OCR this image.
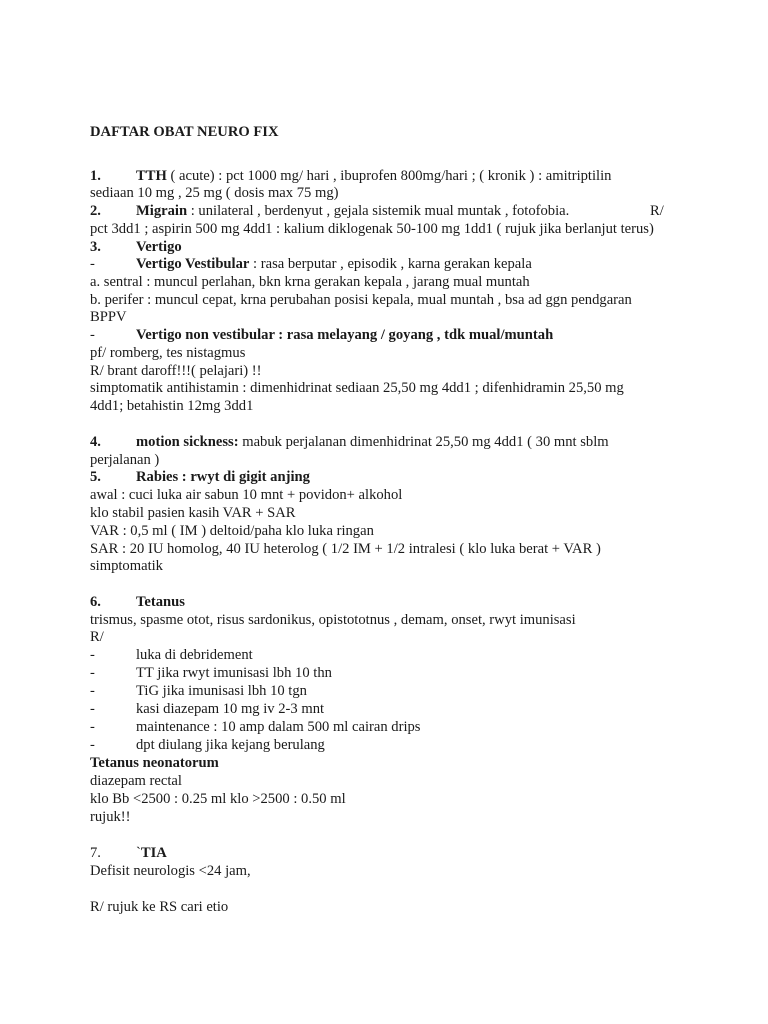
DAFTAR OBAT NEURO FIX
1. TTH ( acute) : pct 1000 mg/ hari , ibuprofen 800mg/hari ; ( kronik ) : amitriptilin
sediaan 10 mg , 25 mg ( dosis max 75 mg)
2. Migrain : unilateral , berdenyut , gejala sistemik mual muntak , fotofobia.	R/
pct 3dd1 ; aspirin 500 mg 4dd1 : kalium diklogenak 50-100 mg 1dd1 ( rujuk jika berlanjut terus)
3. Vertigo
-	Vertigo Vestibular : rasa berputar , episodik , karna gerakan kepala
a. sentral : muncul perlahan, bkn krna gerakan kepala , jarang mual muntah
b. perifer : muncul cepat, krna perubahan posisi kepala, mual muntah , bsa ad ggn pendgaran
BPPV
-	Vertigo non vestibular : rasa melayang / goyang , tdk mual/muntah
pf/ romberg, tes nistagmus
R/ brant daroff!!!( pelajari) !!
simptomatik antihistamin : dimenhidrinat sediaan 25,50 mg 4dd1 ; difenhidramin 25,50 mg
4dd1; betahistin 12mg 3dd1
4. motion sickness: mabuk perjalanan dimenhidrinat 25,50 mg 4dd1 ( 30 mnt sblm
perjalanan )
5. Rabies : rwyt di gigit anjing
awal : cuci luka air sabun 10 mnt + povidon+ alkohol
klo stabil pasien kasih VAR + SAR
VAR : 0,5 ml ( IM ) deltoid/paha klo luka ringan
SAR : 20 IU homolog, 40 IU heterolog ( 1/2 IM + 1/2 intralesi ( klo luka berat + VAR )
simptomatik
6. Tetanus
trismus, spasme otot, risus sardonikus, opistototnus , demam, onset, rwyt imunisasi
R/
-	luka di debridement
-	TT jika rwyt imunisasi lbh 10 thn
-	TiG jika imunisasi lbh 10 tgn
-	kasi diazepam 10 mg iv 2-3 mnt
-	maintenance : 10 amp dalam 500 ml cairan drips
-	dpt diulang jika kejang berulang
Tetanus neonatorum
diazepam rectal
klo Bb <2500 : 0.25 ml klo >2500 : 0.50 ml
rujuk!!
7. `TIA
Defisit neurologis <24 jam,
R/ rujuk ke RS cari etio
